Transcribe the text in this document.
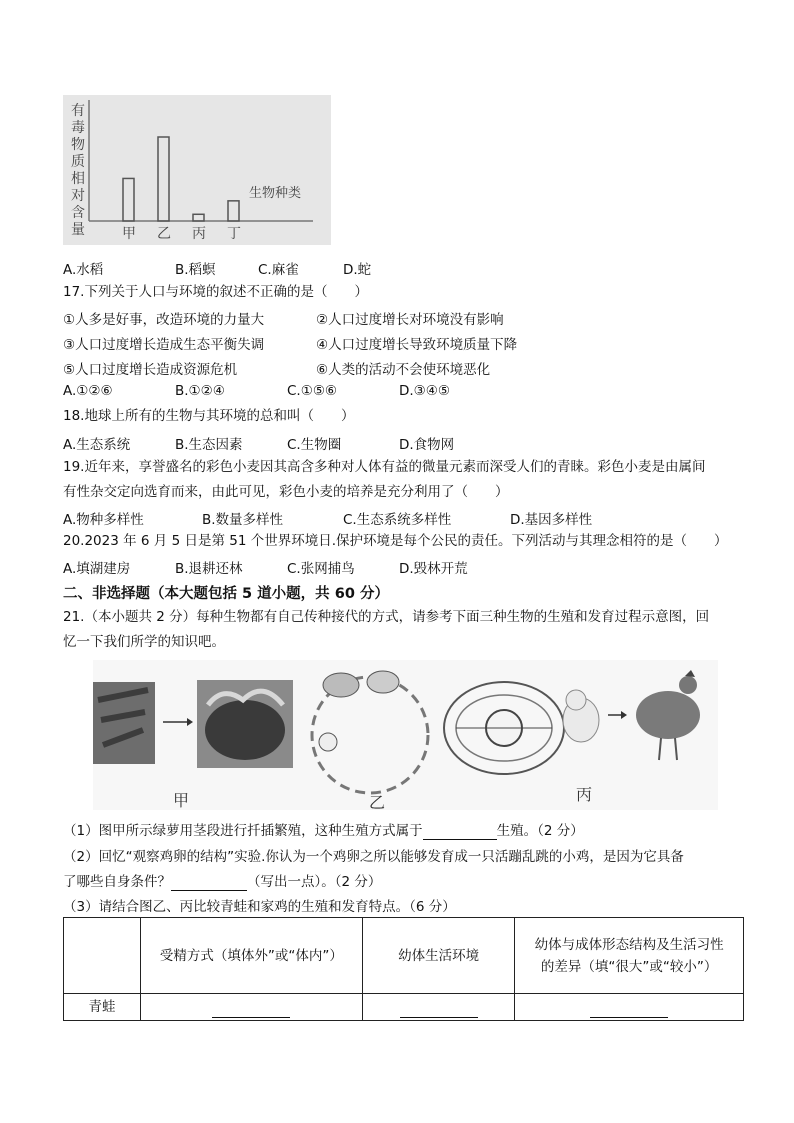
有
毒
物
质
相
对
含
量	甲 乙 丙 丁
生物种类
A.水稻	B.稻螟	C.麻雀	D.蛇
17.下列关于人口与环境的叙述不正确的是（　　）
①人多是好事，改造环境的力量大	②人口过度增长对环境没有影响
③人口过度增长造成生态平衡失调	④人口过度增长导致环境质量下降
⑤人口过度增长造成资源危机	⑥人类的活动不会使环境恶化
A.①②⑥	B.①②④	C.①⑤⑥	D.③④⑤
18.地球上所有的生物与其环境的总和叫（　　）
A.生态系统	B.生态因素	C.生物圈	D.食物网
19.近年来，享誉盛名的彩色小麦因其高含多种对人体有益的微量元素而深受人们的青睐。彩色小麦是由属间
有性杂交定向选育而来，由此可见，彩色小麦的培养是充分利用了（　　）
A.物种多样性	B.数量多样性	C.生态系统多样性	D.基因多样性
20.2023 年 6 月 5 日是第 51 个世界环境日.保护环境是每个公民的责任。下列活动与其理念相符的是（　　）
A.填湖建房	B.退耕还林	C.张网捕鸟	D.毁林开荒
二、非选择题（本大题包括 5 道小题，共 60 分）
21.（本小题共 2 分）每种生物都有自己传种接代的方式，请参考下面三种生物的生殖和发育过程示意图，回
忆一下我们所学的知识吧。
甲	乙	丙
（1）图甲所示绿萝用茎段进行扦插繁殖，这种生殖方式属于	生殖。（2 分）
（2）回忆“观察鸡卵的结构”实验.你认为一个鸡卵之所以能够发育成一只活蹦乱跳的小鸡，是因为它具备
了哪些自身条件？	（写出一点）。（2 分）
（3）请结合图乙、丙比较青蛙和家鸡的生殖和发育特点。（6 分）
	受精方式（填体外”或“体内”）	幼体生活环境	幼体与成体形态结构及生活习性的差异（填“很大”或“较小”）
青蛙			
